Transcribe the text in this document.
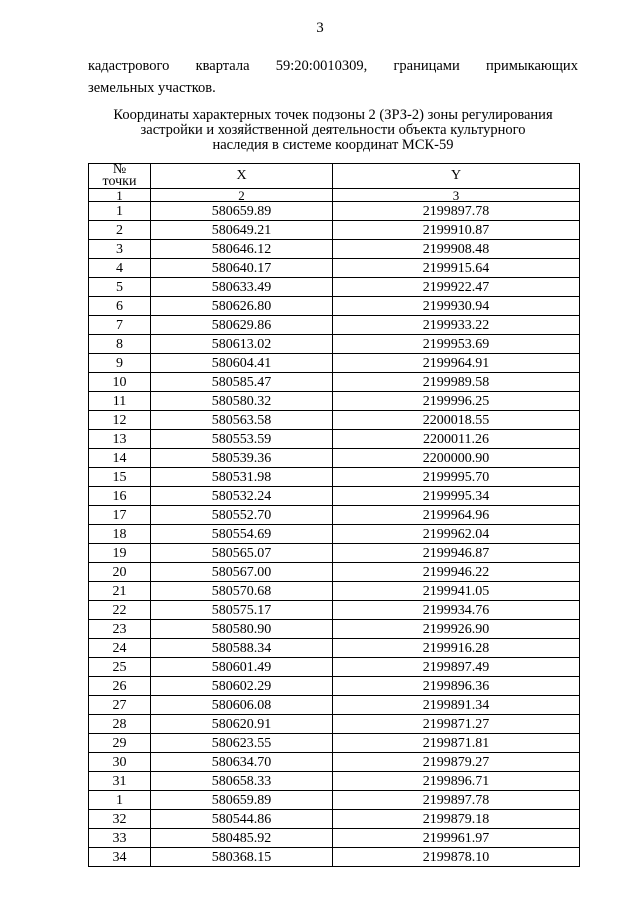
3
кадастрового квартала 59:20:0010309, границами примыкающих
земельных участков.
Координаты характерных точек подзоны 2 (ЗРЗ-2) зоны регулирования
застройки и хозяйственной деятельности объекта культурного
наследия в системе координат МСК-59
№
точки	X	Y
1	2	3
1	580659.89	2199897.78
2	580649.21	2199910.87
3	580646.12	2199908.48
4	580640.17	2199915.64
5	580633.49	2199922.47
6	580626.80	2199930.94
7	580629.86	2199933.22
8	580613.02	2199953.69
9	580604.41	2199964.91
10	580585.47	2199989.58
11	580580.32	2199996.25
12	580563.58	2200018.55
13	580553.59	2200011.26
14	580539.36	2200000.90
15	580531.98	2199995.70
16	580532.24	2199995.34
17	580552.70	2199964.96
18	580554.69	2199962.04
19	580565.07	2199946.87
20	580567.00	2199946.22
21	580570.68	2199941.05
22	580575.17	2199934.76
23	580580.90	2199926.90
24	580588.34	2199916.28
25	580601.49	2199897.49
26	580602.29	2199896.36
27	580606.08	2199891.34
28	580620.91	2199871.27
29	580623.55	2199871.81
30	580634.70	2199879.27
31	580658.33	2199896.71
1	580659.89	2199897.78
32	580544.86	2199879.18
33	580485.92	2199961.97
34	580368.15	2199878.10
